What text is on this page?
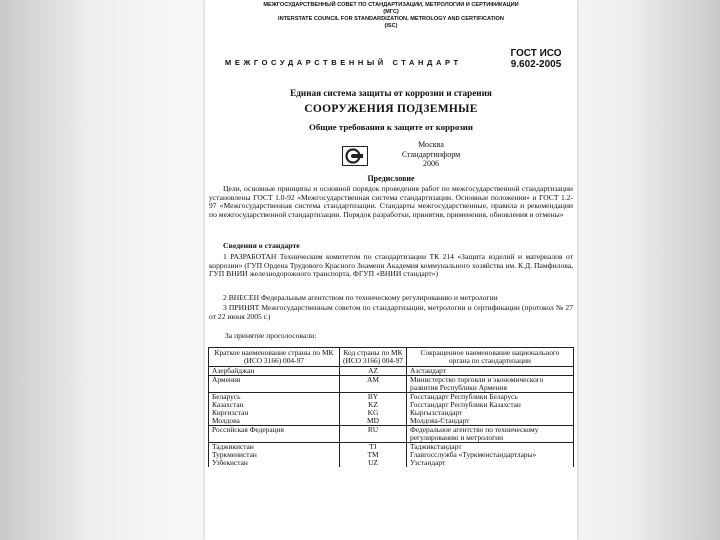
МЕЖГОСУДАРСТВЕННЫЙ СОВЕТ ПО СТАНДАРТИЗАЦИИ, МЕТРОЛОГИИ И СЕРТИФИКАЦИИ
(МГС)
INTERSTATE COUNCIL FOR STANDARDIZATION, METROLOGY AND CERTIFICATION
(ISC)
МЕЖГОСУДАРСТВЕННЫЙ СТАНДАРТ
ГОСТ ИСО
9.602-2005
Единая система защиты от коррозии и старения
СООРУЖЕНИЯ ПОДЗЕМНЫЕ
Общие требования к защите от коррозии
Москва
Стандартинформ
2006
Предисловие

Цели, основные принципы и основной порядок проведения работ по межгосударственной стандартизации установлены ГОСТ 1.0-92 «Межгосударственная система стандартизации. Основные положения» и ГОСТ 1.2-97 «Межгосударственная система стандартизации. Стандарты межгосударственные, правила и рекомендации по межгосударственной стандартизации. Порядок разработки, принятия, применения, обновления и отмены»

Сведения о стандарте

1 РАЗРАБОТАН Техническим комитетом по стандартизации ТК 214 «Защита изделий и материалов от коррозии» (ГУП Ордена Трудового Красного Знамени Академия коммунального хозяйства им. К.Д. Памфилова, ГУП ВНИИ железнодорожного транспорта, ФГУП «ВНИИ стандарт»)

2 ВНЕСЕН Федеральным агентством по техническому регулированию и метрологии

3 ПРИНЯТ Межгосударственным советом по стандартизации, метрологии и сертификации (протокол № 27 от 22 июня 2005 г.)

За принятие проголосовали:

Краткое наименование страны по МК (ИСО 3166) 004-97	Код страны по МК (ИСО 3166) 004-97	Сокращенное наименование национального органа по стандартизации
Азербайджан	AZ	Азстандарт
Армения	AM	Министерство торговли и экономического развития Республики Армения
Беларусь	BY	Госстандарт Республики Беларусь
Казахстан	KZ	Госстандарт Республики Казахстан
Киргизстан	KG	Кыргызстандарт
Молдова	MD	Молдова-Стандарт
Российская Федерация	RU	Федеральное агентство по техническому регулированию и метрологии
Таджикистан	TJ	Таджикстандарт
Туркменистан	TM	Главгосслужба «Туркменстандартлары»
Узбекистан	UZ	Узстандарт
